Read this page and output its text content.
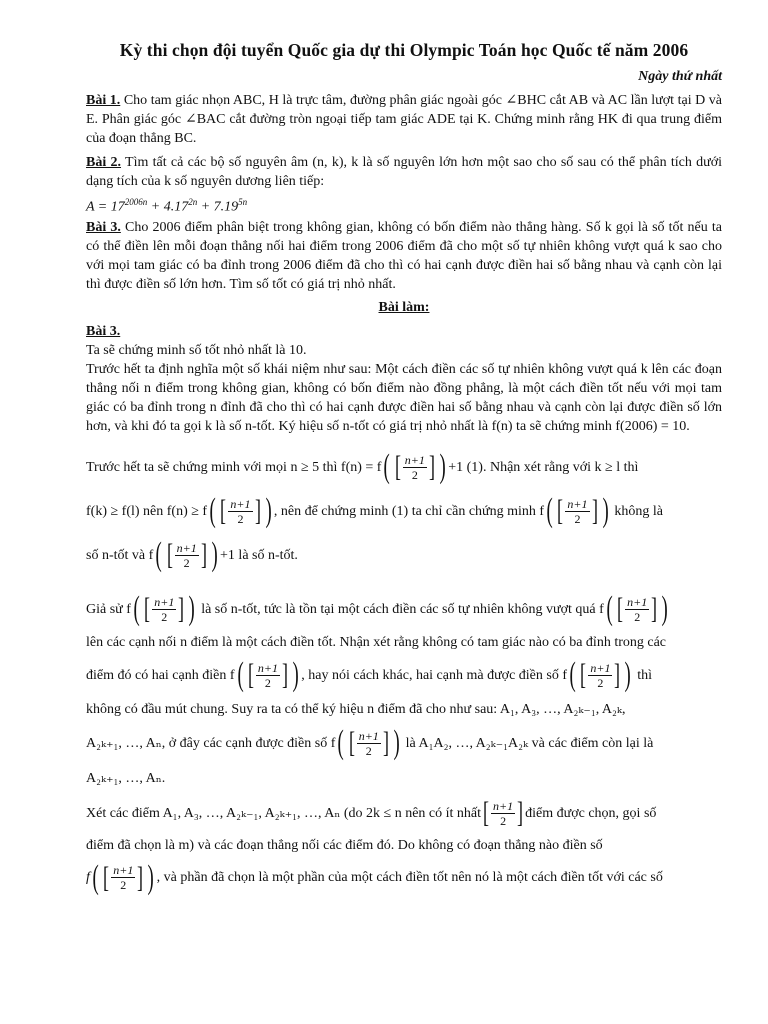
Kỳ thi chọn đội tuyển Quốc gia dự thi Olympic Toán học Quốc tế năm 2006
Ngày thứ nhất

Bài 1. Cho tam giác nhọn ABC, H là trực tâm, đường phân giác ngoài góc ∠BHC cắt AB và AC lần lượt tại D và E. Phân giác góc ∠BAC cắt đường tròn ngoại tiếp tam giác ADE tại K. Chứng minh rằng HK đi qua trung điểm của đoạn thẳng BC.

Bài 2. Tìm tất cả các bộ số nguyên âm (n, k), k là số nguyên lớn hơn một sao cho số sau có thể phân tích dưới dạng tích của k số nguyên dương liên tiếp:

$A = 17^{2006n} + 4.17^{2n} + 7.19^{5n}$

Bài 3. Cho 2006 điểm phân biệt trong không gian, không có bốn điểm nào thẳng hàng. Số k gọi là số tốt nếu ta có thể điền lên mỗi đoạn thẳng nối hai điểm trong 2006 điểm đã cho một số tự nhiên không vượt quá k sao cho với mọi tam giác có ba đỉnh trong 2006 điểm đã cho thì có hai cạnh được điền hai số bằng nhau và cạnh còn lại thì được điền số lớn hơn. Tìm số tốt có giá trị nhỏ nhất.

Bài làm:
Bài 3.

Ta sẽ chứng minh số tốt nhỏ nhất là 10.

Trước hết ta định nghĩa một số khái niệm như sau: Một cách điền các số tự nhiên không vượt quá k lên các đoạn thẳng nối n điểm trong không gian, không có bốn điểm nào đồng phẳng, là một cách điền tốt nếu với mọi tam giác có ba đỉnh trong n đỉnh đã cho thì có hai cạnh được điền hai số bằng nhau và cạnh còn lại được điền số lớn hơn, và khi đó ta gọi k là số n-tốt. Ký hiệu số n-tốt có giá trị nhỏ nhất là f(n) ta sẽ chứng minh f(2006) = 10.

Trước hết ta sẽ chứng minh với mọi n ≥ 5 thì f(n) = f ( [ $\frac{n+1}{2}$ ] ) +1 (1). Nhận xét rằng với k ≥ l thì

f(k) ≥ f(l) nên f(n) ≥ f ( [ $\frac{n+1}{2}$ ] ) , nên để chứng minh (1) ta chỉ cần chứng minh f ( [ $\frac{n+1}{2}$ ] ) không là

số n-tốt và f ( [ $\frac{n+1}{2}$ ] ) +1 là số n-tốt.

Giả sử f ( [ $\frac{n+1}{2}$ ] ) là số n-tốt, tức là tồn tại một cách điền các số tự nhiên không vượt quá f ( [ $\frac{n+1}{2}$ ] )

lên các cạnh nối n điểm là một cách điền tốt. Nhận xét rằng không có tam giác nào có ba đỉnh trong các

điểm đó có hai cạnh điền f ( [ $\frac{n+1}{2}$ ] ) , hay nói cách khác, hai cạnh mà được điền số f ( [ $\frac{n+1}{2}$ ] ) thì

không có đầu mút chung. Suy ra ta có thể ký hiệu n điểm đã cho như sau: A₁, A₃, …, A₂ₖ₋₁, A₂ₖ,

A₂ₖ₊₁, …, Aₙ, ở đây các cạnh được điền số f ( [ $\frac{n+1}{2}$ ] ) là A₁A₂, …, A₂ₖ₋₁A₂ₖ và các điểm còn lại là

A₂ₖ₊₁, …, Aₙ.

Xét các điểm A₁, A₃, …, A₂ₖ₋₁, A₂ₖ₊₁, …, Aₙ (do 2k ≤ n nên có ít nhất [ $\frac{n+1}{2}$ ] điểm được chọn, gọi số

điểm đã chọn là m) và các đoạn thẳng nối các điểm đó. Do không có đoạn thẳng nào điền số

f ( [ $\frac{n+1}{2}$ ] ) , và phần đã chọn là một phần của một cách điền tốt nên nó là một cách điền tốt với các số
